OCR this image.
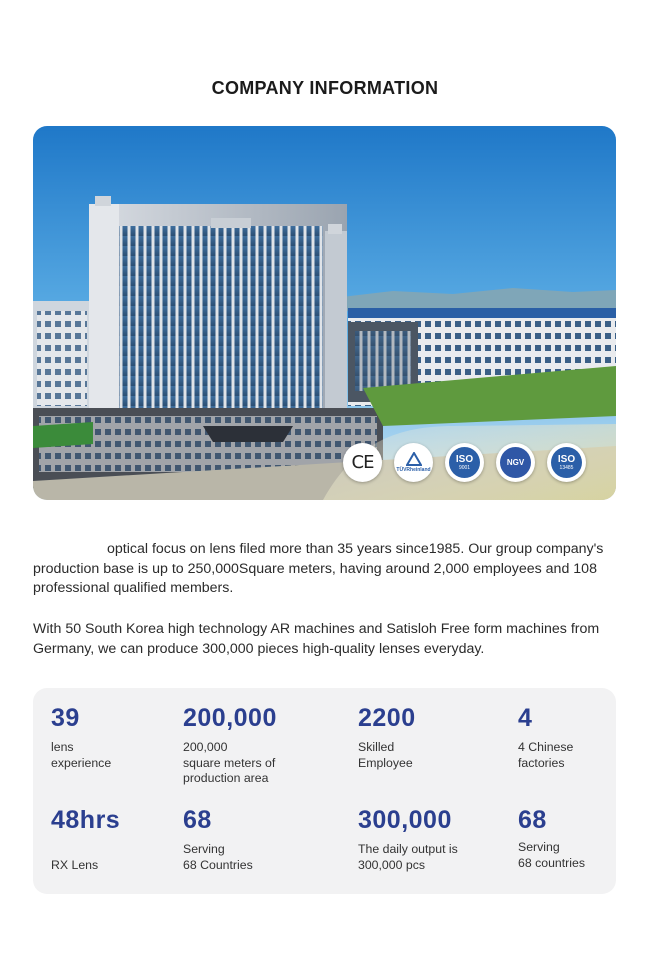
COMPANY INFORMATION
CE	TÜVRheinland
ISO
9001
NGV	ISO
13485
optical focus on lens filed more than 35 years since1985. Our group company's production base is up to 250,000Square meters, having around 2,000 employees and 108 professional qualified members.
With 50 South Korea high technology AR machines and Satisloh Free form machines from Germany, we can produce 300,000 pieces high-quality lenses everyday.
39
lens
experience
200,000
200,000
square meters of
production area
2200
Skilled
Employee
4
4 Chinese
factories
48hrs
RX Lens
68
Serving
68 Countries
300,000
The daily output is
300,000 pcs
68
Serving
68 countries
